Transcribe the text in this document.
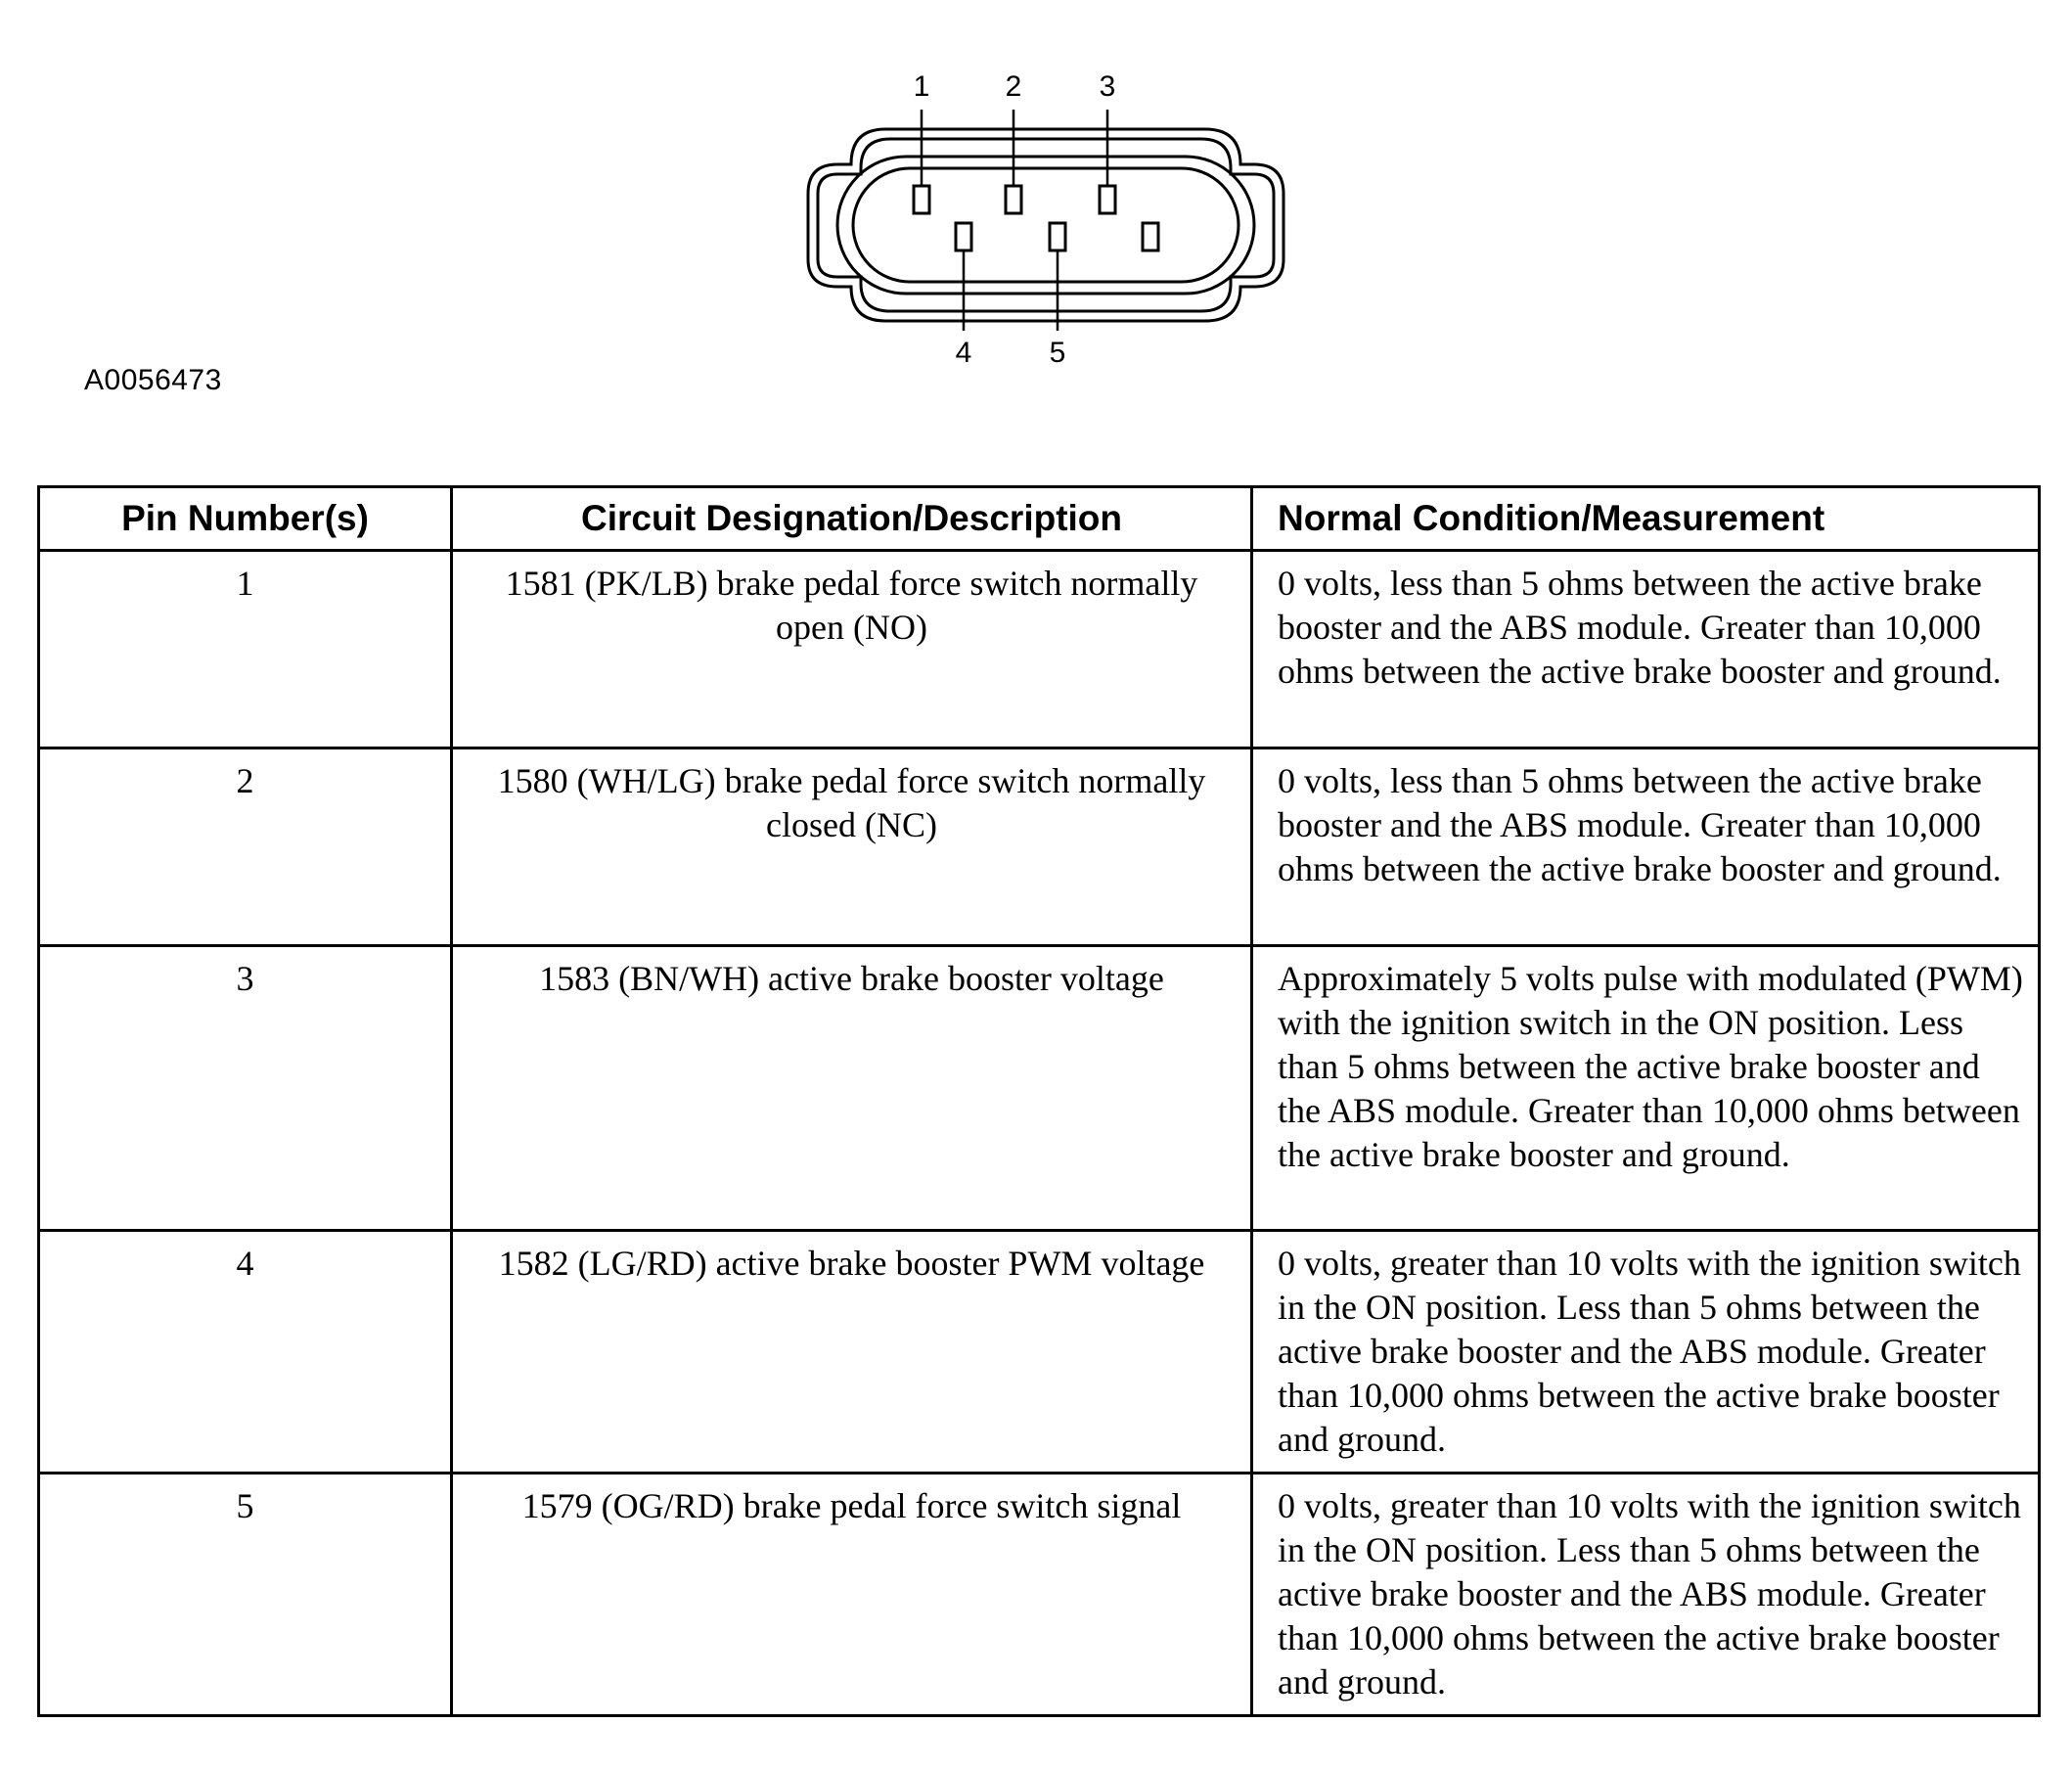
1	2	3
4	5
A0056473
Pin Number(s)	Circuit Designation/Description	Normal Condition/Measurement
1	1581 (PK/LB) brake pedal force switch normally open (NO)	0 volts, less than 5 ohms between the active brake booster and the ABS module. Greater than 10,000 ohms between the active brake booster and ground.
2	1580 (WH/LG) brake pedal force switch normally closed (NC)	0 volts, less than 5 ohms between the active brake booster and the ABS module. Greater than 10,000 ohms between the active brake booster and ground.
3	1583 (BN/WH) active brake booster voltage	Approximately 5 volts pulse with modulated (PWM) with the ignition switch in the ON position. Less than 5 ohms between the active brake booster and the ABS module. Greater than 10,000 ohms between the active brake booster and ground.
4	1582 (LG/RD) active brake booster PWM voltage	0 volts, greater than 10 volts with the ignition switch in the ON position. Less than 5 ohms between the active brake booster and the ABS module. Greater than 10,000 ohms between the active brake booster and ground.
5	1579 (OG/RD) brake pedal force switch signal	0 volts, greater than 10 volts with the ignition switch in the ON position. Less than 5 ohms between the active brake booster and the ABS module. Greater than 10,000 ohms between the active brake booster and ground.
